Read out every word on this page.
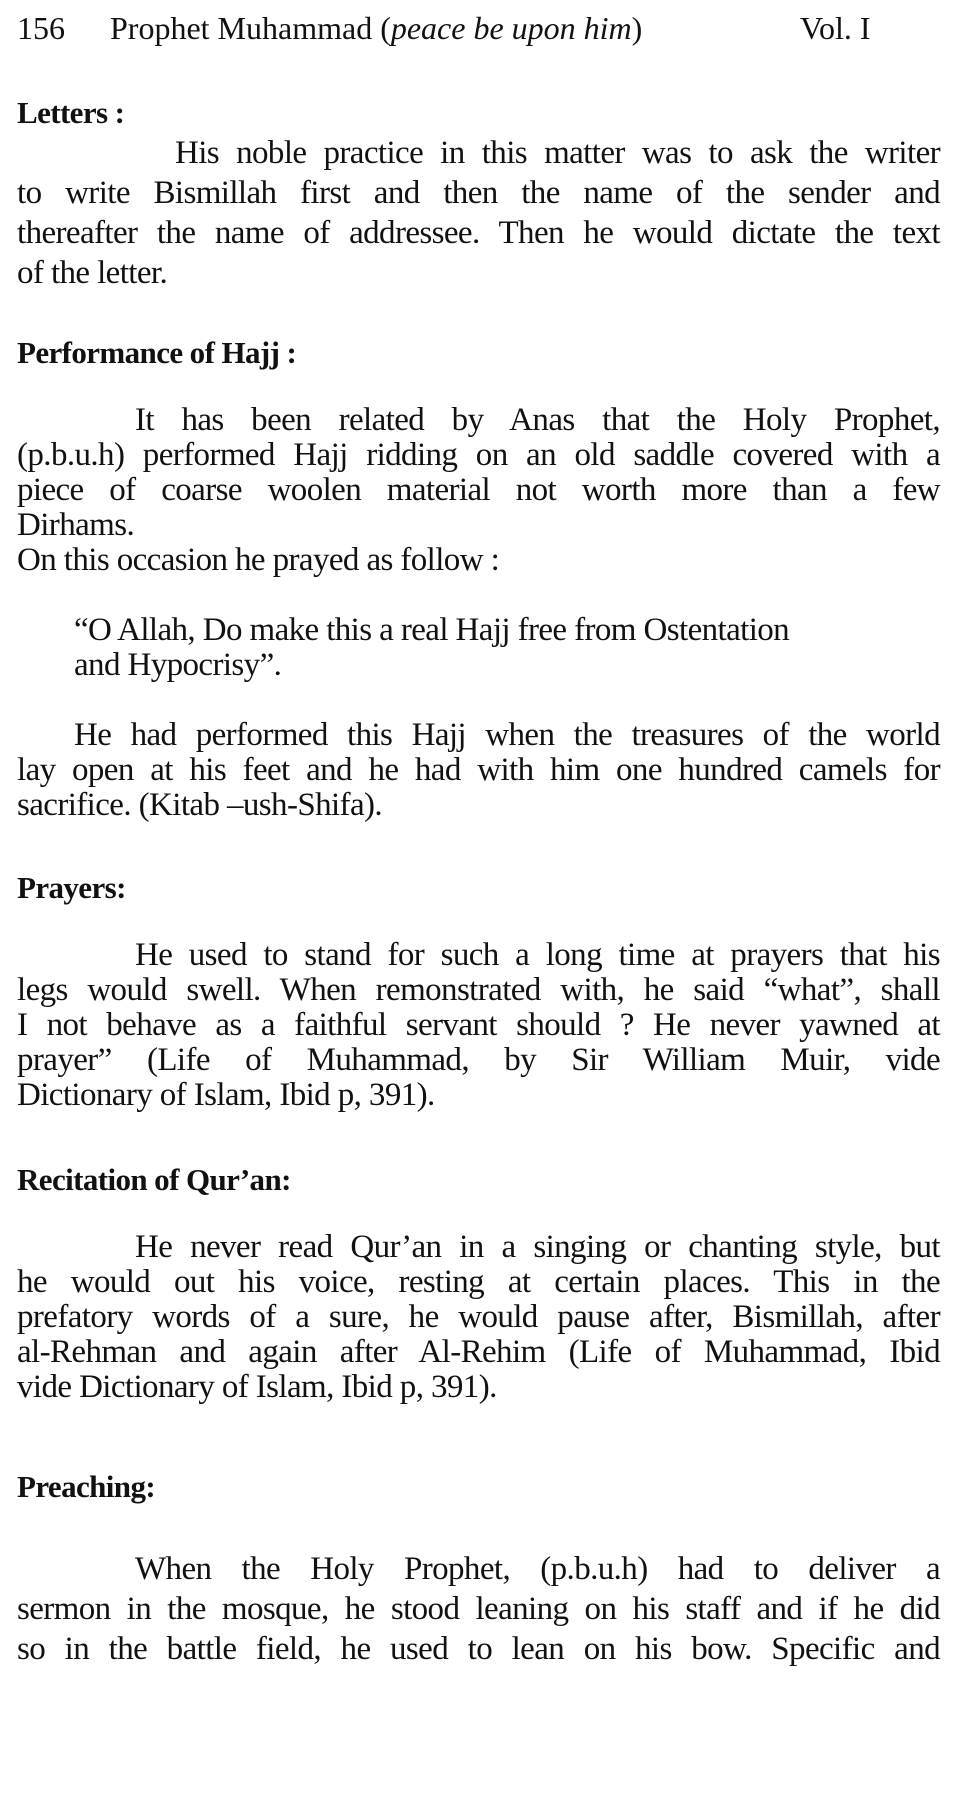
156 Prophet Muhammad (peace be upon him)	Vol. I
Letters :
His noble practice in this matter was to ask the writer
to write Bismillah first and then the name of the sender and
thereafter the name of addressee. Then he would dictate the text
of the letter.
Performance of Hajj :
It has been related by Anas that the Holy Prophet,
(p.b.u.h) performed Hajj ridding on an old saddle covered with a
piece of coarse woolen material not worth more than a few
Dirhams.
On this occasion he prayed as follow :
“O Allah, Do make this a real Hajj free from Ostentation
and Hypocrisy”.
He had performed this Hajj when the treasures of the world
lay open at his feet and he had with him one hundred camels for
sacrifice. (Kitab –ush-Shifa).
Prayers:
He used to stand for such a long time at prayers that his
legs would swell. When remonstrated with, he said “what”, shall
I not behave as a faithful servant should ? He never yawned at
prayer” (Life of Muhammad, by Sir William Muir, vide
Dictionary of Islam, Ibid p, 391).
Recitation of Qur’an:
He never read Qur’an in a singing or chanting style, but
he would out his voice, resting at certain places. This in the
prefatory words of a sure, he would pause after, Bismillah, after
al-Rehman and again after Al-Rehim (Life of Muhammad, Ibid
vide Dictionary of Islam, Ibid p, 391).
Preaching:
When the Holy Prophet, (p.b.u.h) had to deliver a
sermon in the mosque, he stood leaning on his staff and if he did
so in the battle field, he used to lean on his bow. Specific and
